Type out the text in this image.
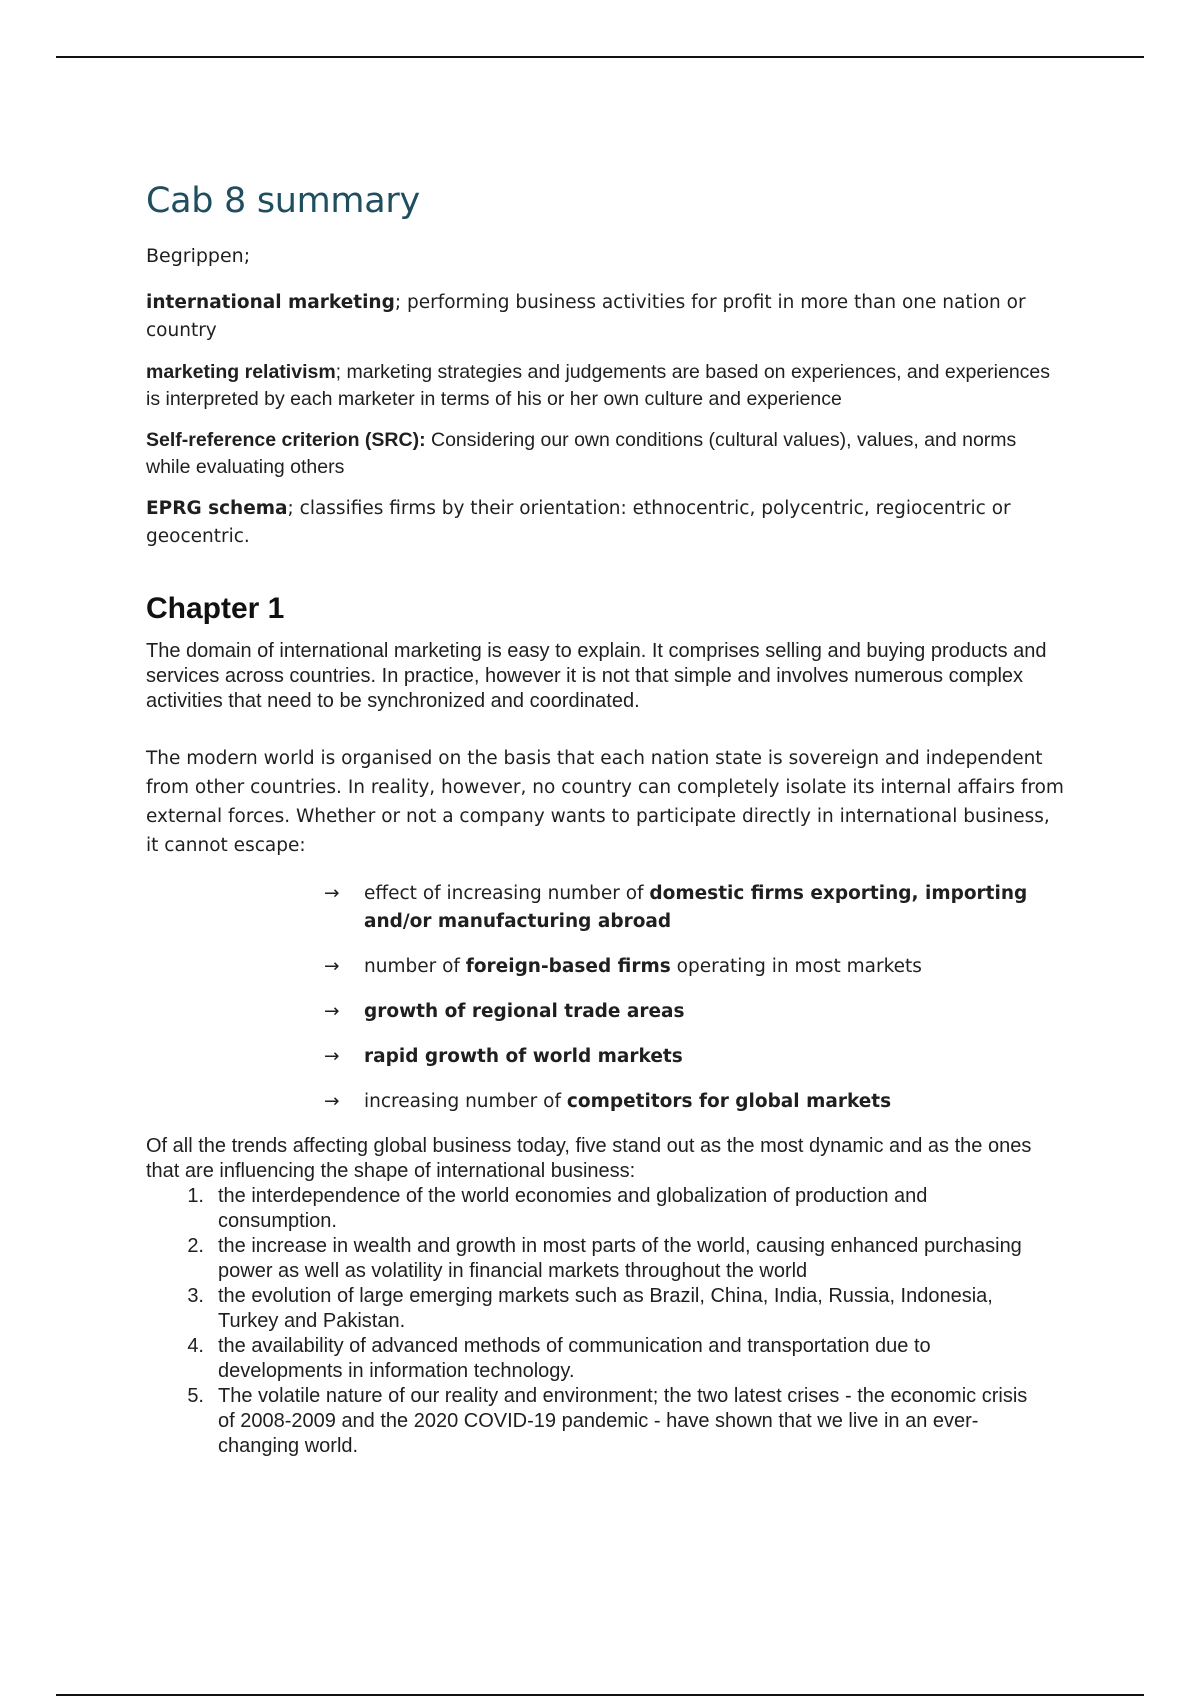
Cab 8 summary

Begrippen;

international marketing; performing business activities for profit in more than one nation or country

marketing relativism; marketing strategies and judgements are based on experiences, and experiences is interpreted by each marketer in terms of his or her own culture and experience

Self-reference criterion (SRC): Considering our own conditions (cultural values), values, and norms while evaluating others

EPRG schema; classifies firms by their orientation: ethnocentric, polycentric, regiocentric or geocentric.

Chapter 1

The domain of international marketing is easy to explain. It comprises selling and buying products and services across countries. In practice, however it is not that simple and involves numerous complex activities that need to be synchronized and coordinated.

The modern world is organised on the basis that each nation state is sovereign and independent from other countries. In reality, however, no country can completely isolate its internal affairs from external forces. Whether or not a company wants to participate directly in international business, it cannot escape:

→	effect of increasing number of domestic firms exporting, importing and/or manufacturing abroad
→	number of foreign-based firms operating in most markets
→	growth of regional trade areas
→	rapid growth of world markets
→	increasing number of competitors for global markets

Of all the trends affecting global business today, five stand out as the most dynamic and as the ones that are influencing the shape of international business:

1. the interdependence of the world economies and globalization of production and consumption.
2. the increase in wealth and growth in most parts of the world, causing enhanced purchasing power as well as volatility in financial markets throughout the world
3. the evolution of large emerging markets such as Brazil, China, India, Russia, Indonesia, Turkey and Pakistan.
4. the availability of advanced methods of communication and transportation due to developments in information technology.
5. The volatile nature of our reality and environment; the two latest crises - the economic crisis of 2008-2009 and the 2020 COVID-19 pandemic - have shown that we live in an ever-changing world.
